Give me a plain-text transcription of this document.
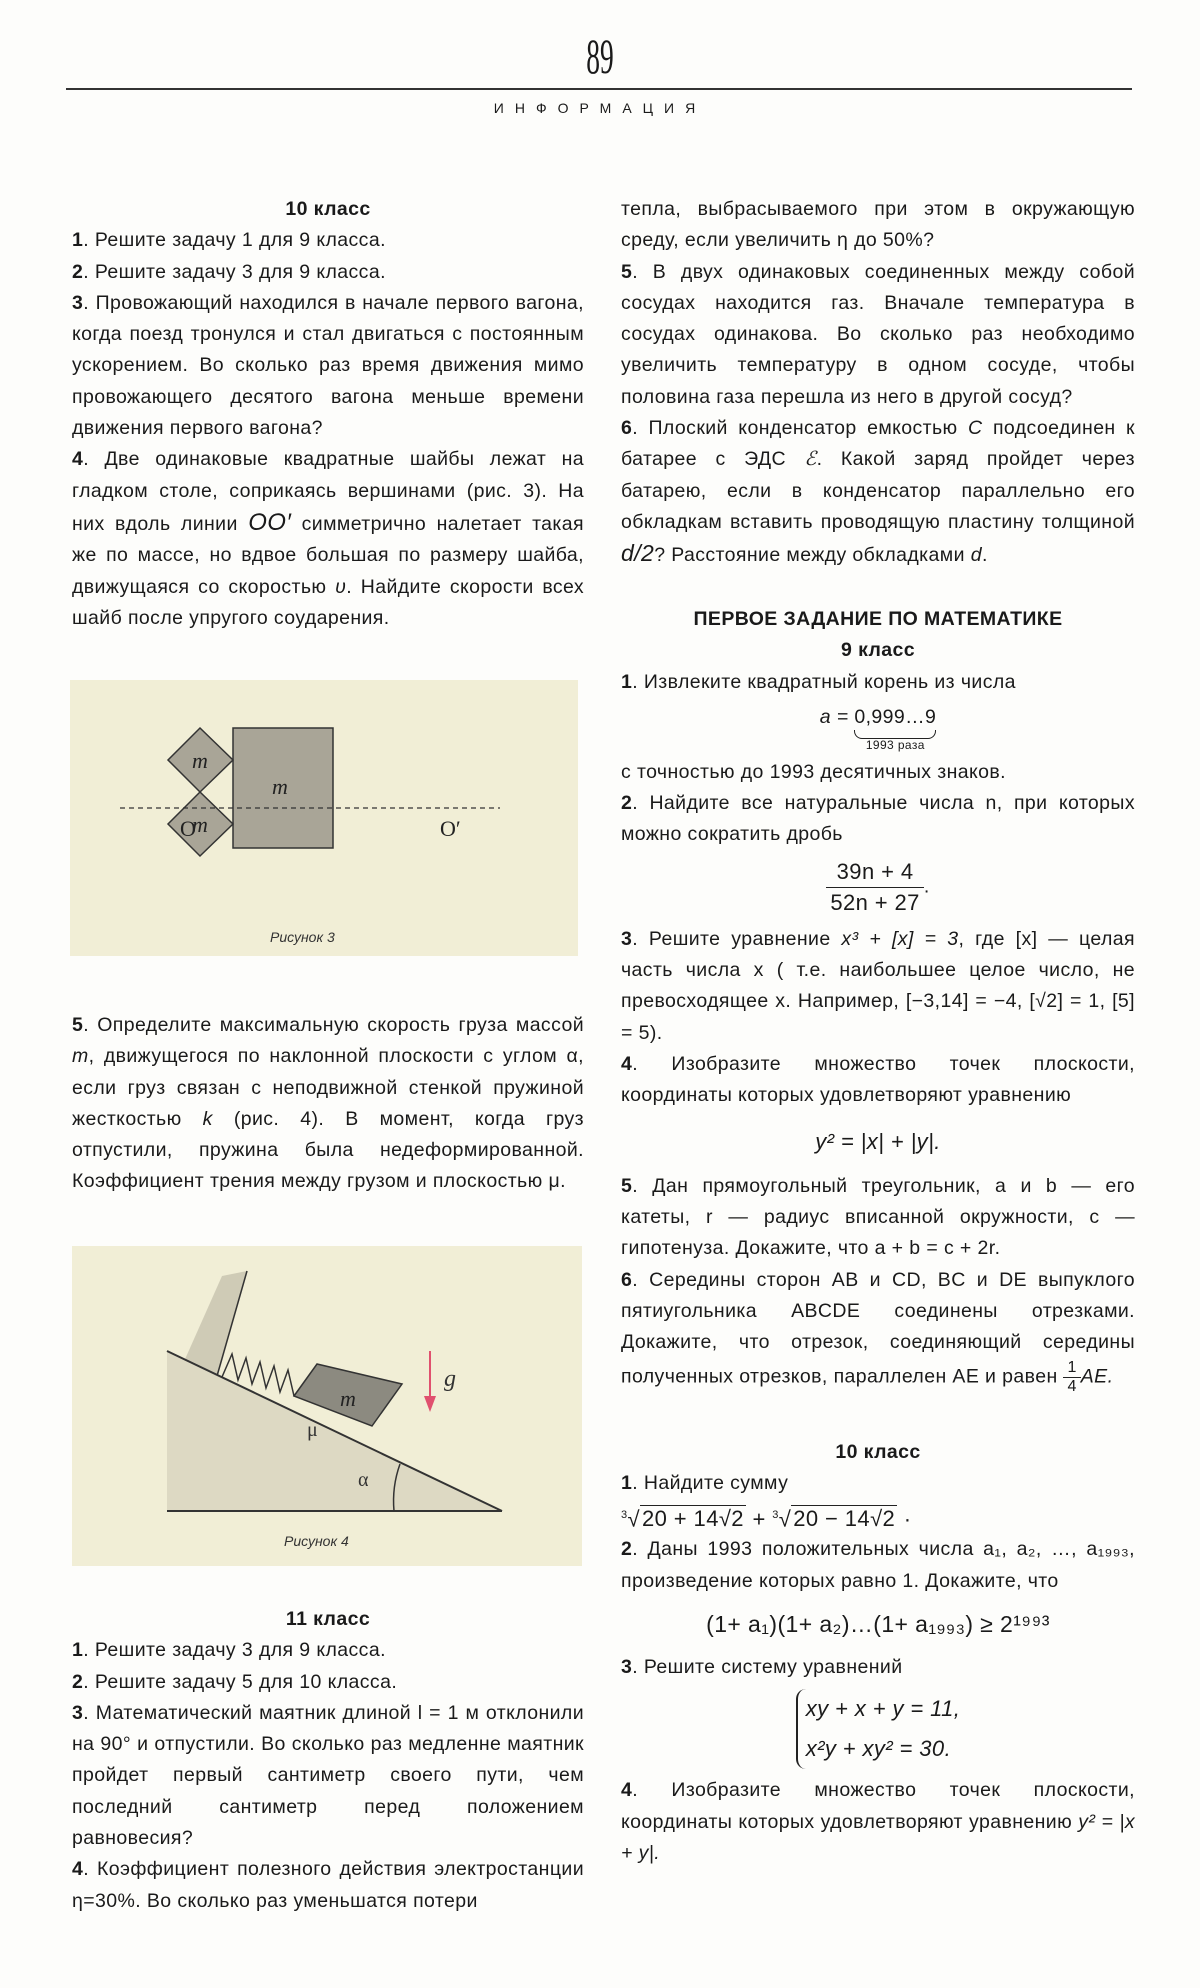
89
ИНФОРМАЦИЯ

10 класс

1. Решите задачу 1 для 9 класса.

2. Решите задачу 3 для 9 класса.

3. Провожающий находился в начале первого вагона, когда поезд тронулся и стал двигаться с постоянным ускорением. Во сколько раз время движения мимо провожающего десятого вагона меньше времени движения первого вагона?

4. Две одинаковые квадратные шайбы лежат на гладком столе, соприкаясь вершинами (рис. 3). На них вдоль линии OO′ симметрично налетает такая же по массе, но вдвое большая по размеру шайба, движущаяся со скоростью υ. Найдите скорости всех шайб после упругого соударения.

m
m
m
O	O′
Рисунок 3

5. Определите максимальную скорость груза массой m, движущегося по наклонной плоскости с углом α, если груз связан с неподвижной стенкой пружиной жесткостью k (рис. 4). В момент, когда груз отпустили, пружина была недеформированной. Коэффициент трения между грузом и плоскостью μ.

m
g
μ
α
Рисунок 4

11 класс

1. Решите задачу 3 для 9 класса.

2. Решите задачу 5 для 10 класса.

3. Математический маятник длиной l = 1 м отклонили на 90° и отпустили. Во сколько раз медленне маятник пройдет первый сантиметр своего пути, чем последний сантиметр перед положением равновесия?

4. Коэффициент полезного действия электростанции η=30%. Во сколько раз уменьшатся потери

тепла, выбрасываемого при этом в окружающую среду, если увеличить η до 50%?

5. В двух одинаковых соединенных между собой сосудах находится газ. Вначале температура в сосудах одинакова. Во сколько раз необходимо увеличить температуру в одном сосуде, чтобы половина газа перешла из него в другой сосуд?

6. Плоский конденсатор емкостью C подсоединен к батарее с ЭДС ℰ. Какой заряд пройдет через батарею, если в конденсатор параллельно его обкладкам вставить проводящую пластину толщиной d/2? Расстояние между обкладками d.

ПЕРВОЕ ЗАДАНИЕ ПО МАТЕМАТИКЕ

9 класс

1. Извлеките квадратный корень из числа

a = 0,999…9
1993 раза

с точностью до 1993 десятичных знаков.

2. Найдите все натуральные числа n, при которых можно сократить дробь

$\frac{39n + 4}{52n + 27}$ .

3. Решите уравнение x³ + [x] = 3, где [x] — целая часть числа x ( т.е. наибольшее целое число, не превосходящее x. Например, [−3,14] = −4, [√2] = 1, [5] = 5).

4. Изобразите множество точек плоскости, координаты которых удовлетворяют уравнению

y² = |x| + |y|.

5. Дан прямоугольный треугольник, a и b — его катеты, r — радиус вписанной окружности, c — гипотенуза. Докажите, что a + b = c + 2r.

6. Середины сторон AB и CD, BC и DE выпуклого пятиугольника ABCDE соединены отрезками. Докажите, что отрезок, соединяющий середины полученных отрезков, параллелен AE и равен $\frac{1}{4}$ AE.

10 класс

1. Найдите сумму

$^3$√20 + 14√2 + $^3$√20 − 14√2 ·

2. Даны 1993 положительных числа a₁, a₂, …, a₁₉₉₃, произведение которых равно 1. Докажите, что

(1+ a₁)(1+ a₂)…(1+ a₁₉₉₃) ≥ 2¹⁹⁹³

3. Решите систему уравнений

xy + x + y = 11,
x²y + xy² = 30.

4. Изобразите множество точек плоскости, координаты которых удовлетворяют уравнению y² = |x + y|.
